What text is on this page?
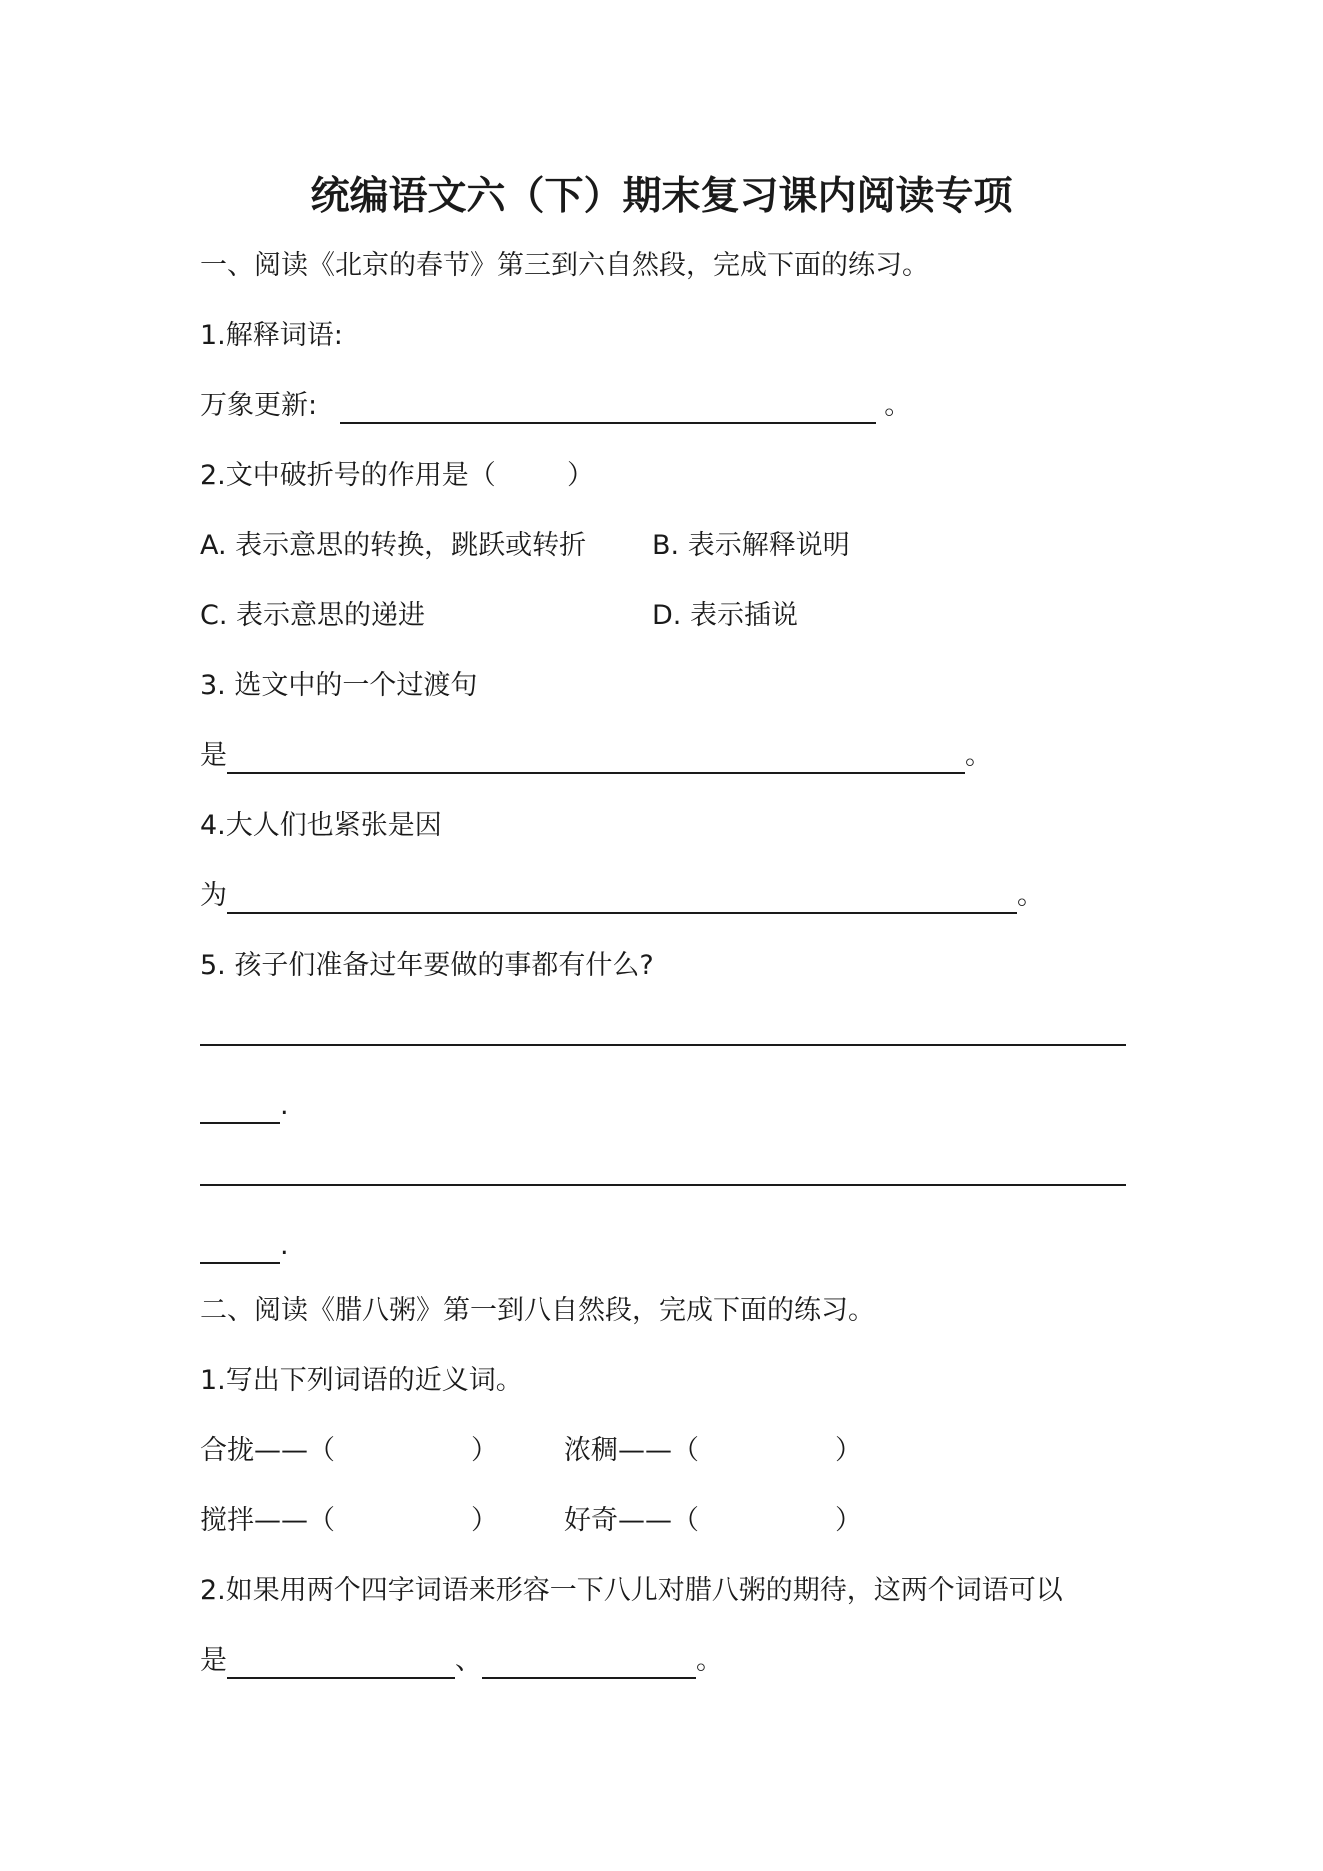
统编语文六（下）期末复习课内阅读专项
一、阅读《北京的春节》第三到六自然段，完成下面的练习。
1.解释词语:
万象更新:	。
2.文中破折号的作用是（	）
A. 表示意思的转换，跳跃或转折 B. 表示解释说明
C. 表示意思的递进	D. 表示插说
3. 选文中的一个过渡句
是	。
4.大人们也紧张是因
为	。
5. 孩子们准备过年要做的事都有什么?
.
.
二、阅读《腊八粥》第一到八自然段，完成下面的练习。
1.写出下列词语的近义词。
合拢——（	） 浓稠——（	）
搅拌——（	） 好奇——（	）
2.如果用两个四字词语来形容一下八儿对腊八粥的期待，这两个词语可以
是	、	。
